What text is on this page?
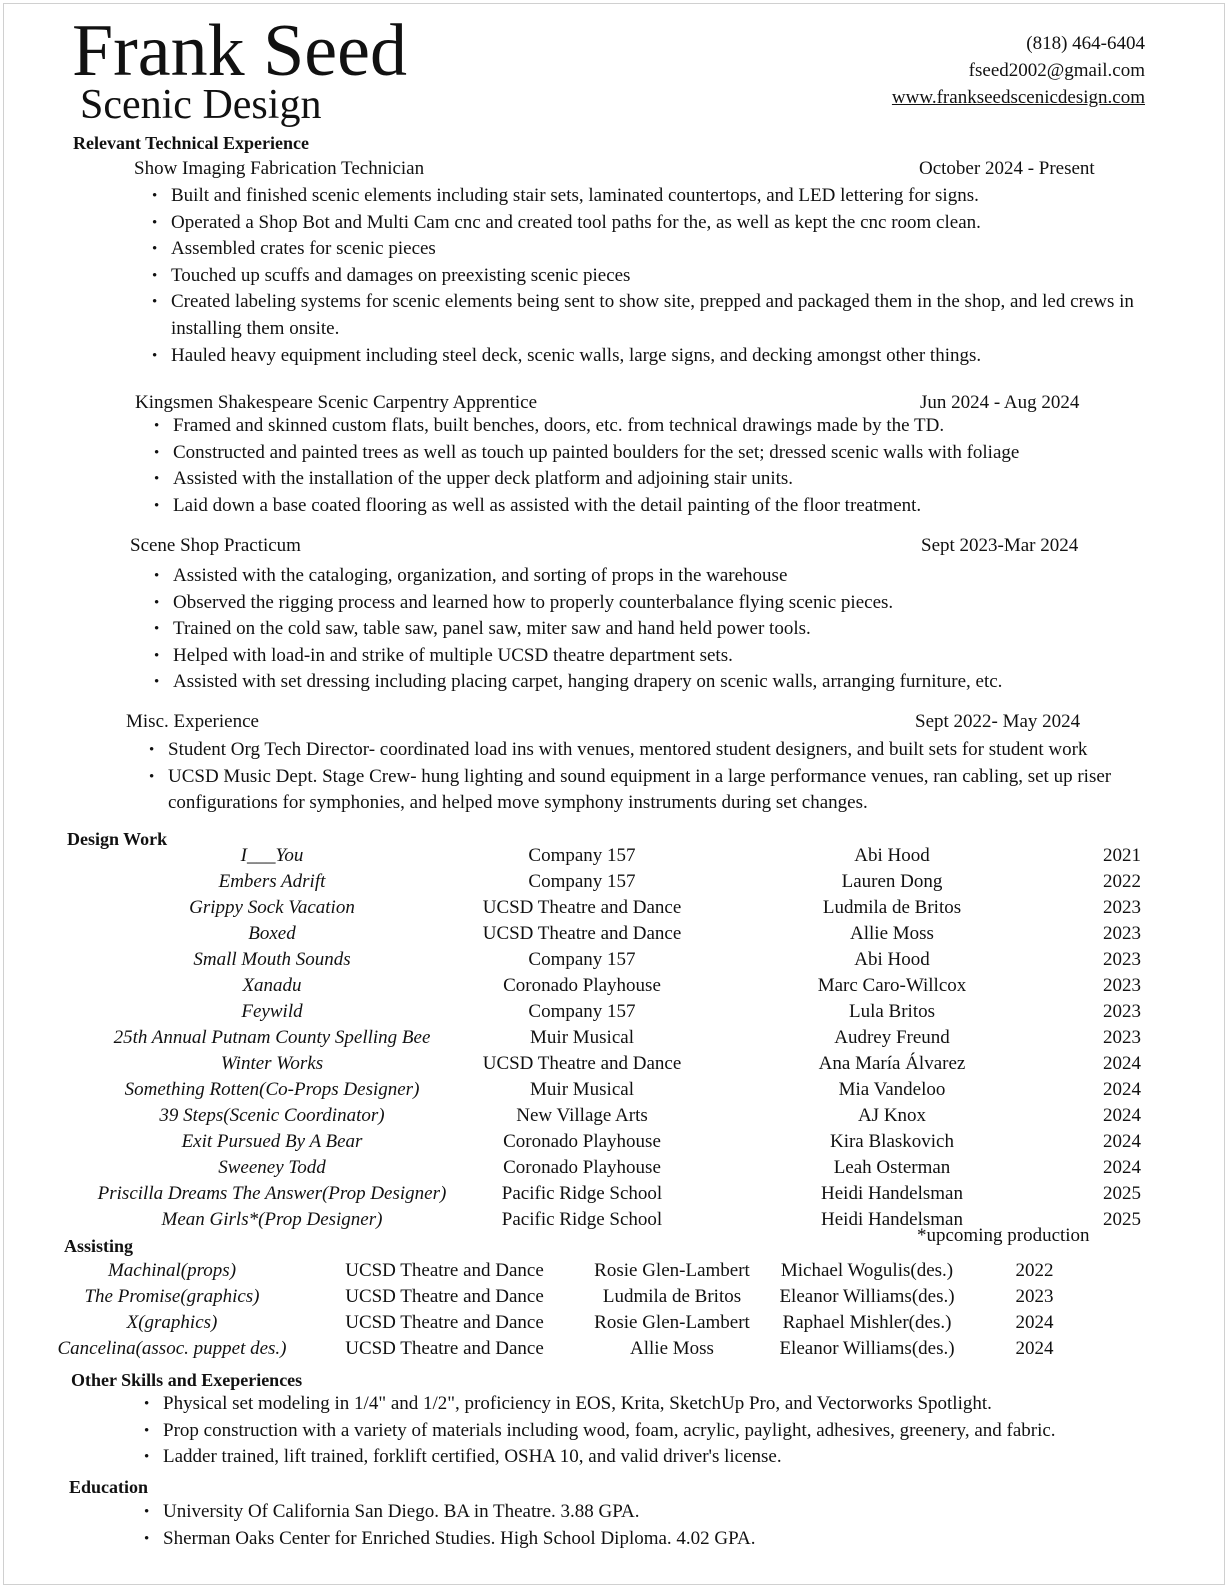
Frank Seed
Scenic Design
(818) 464-6404
fseed2002@gmail.com
www.frankseedscenicdesign.com
Relevant Technical Experience
Show Imaging Fabrication Technician	October 2024 - Present
• Built and finished scenic elements including stair sets, laminated countertops, and LED lettering for signs.
• Operated a Shop Bot and Multi Cam cnc and created tool paths for the, as well as kept the cnc room clean.
• Assembled crates for scenic pieces
• Touched up scuffs and damages on preexisting scenic pieces
• Created labeling systems for scenic elements being sent to show site, prepped and packaged them in the shop, and led crews in installing them onsite.
• Hauled heavy equipment including steel deck, scenic walls, large signs, and decking amongst other things.
Kingsmen Shakespeare Scenic Carpentry Apprentice	Jun 2024 - Aug 2024
• Framed and skinned custom flats, built benches, doors, etc. from technical drawings made by the TD.
• Constructed and painted trees as well as touch up painted boulders for the set; dressed scenic walls with foliage
• Assisted with the installation of the upper deck platform and adjoining stair units.
• Laid down a base coated flooring as well as assisted with the detail painting of the floor treatment.
Scene Shop Practicum	Sept 2023-Mar 2024
• Assisted with the cataloging, organization, and sorting of props in the warehouse
• Observed the rigging process and learned how to properly counterbalance flying scenic pieces.
• Trained on the cold saw, table saw, panel saw, miter saw and hand held power tools.
• Helped with load-in and strike of multiple UCSD theatre department sets.
• Assisted with set dressing including placing carpet, hanging drapery on scenic walls, arranging furniture, etc.
Misc. Experience	Sept 2022- May 2024
• Student Org Tech Director- coordinated load ins with venues, mentored student designers, and built sets for student work
• UCSD Music Dept. Stage Crew- hung lighting and sound equipment in a large performance venues, ran cabling, set up riser configurations for symphonies, and helped move symphony instruments during set changes.
Design Work
I___You	Company 157	Abi Hood	2021
Embers Adrift	Company 157	Lauren Dong	2022
Grippy Sock Vacation	UCSD Theatre and Dance	Ludmila de Britos	2023
Boxed	UCSD Theatre and Dance	Allie Moss	2023
Small Mouth Sounds	Company 157	Abi Hood	2023
Xanadu	Coronado Playhouse	Marc Caro-Willcox	2023
Feywild	Company 157	Lula Britos	2023
25th Annual Putnam County Spelling Bee	Muir Musical	Audrey Freund	2023
Winter Works	UCSD Theatre and Dance	Ana María Álvarez	2024
Something Rotten(Co-Props Designer)	Muir Musical	Mia Vandeloo	2024
39 Steps(Scenic Coordinator)	New Village Arts	AJ Knox	2024
Exit Pursued By A Bear	Coronado Playhouse	Kira Blaskovich	2024
Sweeney Todd	Coronado Playhouse	Leah Osterman	2024
Priscilla Dreams The Answer(Prop Designer)	Pacific Ridge School	Heidi Handelsman	2025
Mean Girls*(Prop Designer)	Pacific Ridge School	Heidi Handelsman	2025
*upcoming production
Assisting
Machinal(props)	UCSD Theatre and Dance	Rosie Glen-Lambert	Michael Wogulis(des.)	2022
The Promise(graphics)	UCSD Theatre and Dance	Ludmila de Britos	Eleanor Williams(des.)	2023
X(graphics)	UCSD Theatre and Dance	Rosie Glen-Lambert	Raphael Mishler(des.)	2024
Cancelina(assoc. puppet des.)	UCSD Theatre and Dance	Allie Moss	Eleanor Williams(des.)	2024
Other Skills and Exeperiences
• Physical set modeling in 1/4" and 1/2", proficiency in EOS, Krita, SketchUp Pro, and Vectorworks Spotlight.
• Prop construction with a variety of materials including wood, foam, acrylic, paylight, adhesives, greenery, and fabric.
• Ladder trained, lift trained, forklift certified, OSHA 10, and valid driver's license.
Education
• University Of California San Diego. BA in Theatre. 3.88 GPA.
• Sherman Oaks Center for Enriched Studies. High School Diploma. 4.02 GPA.
